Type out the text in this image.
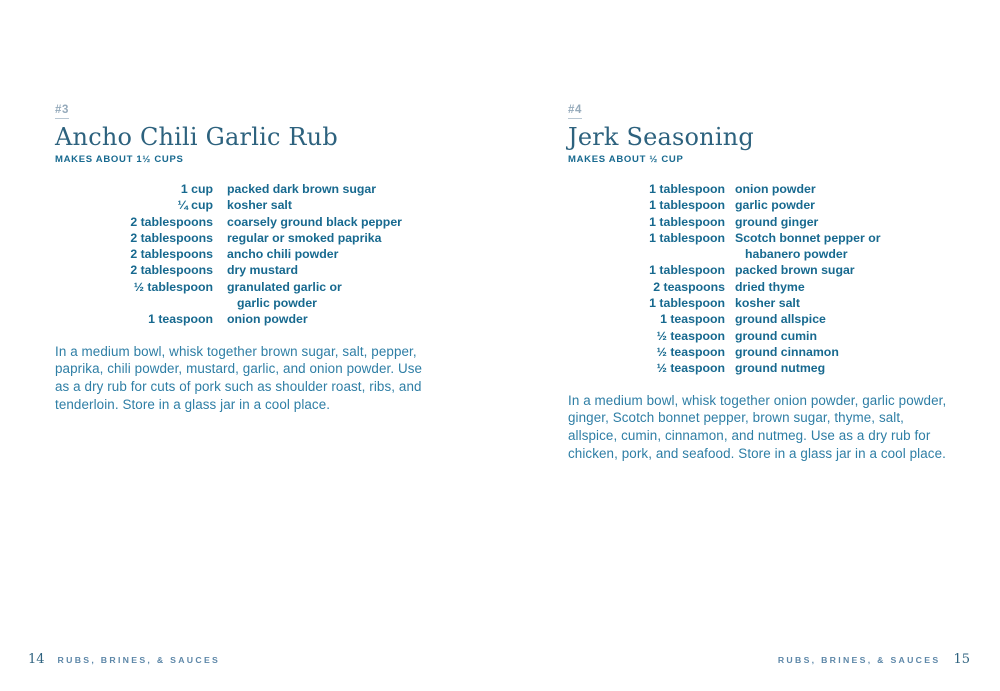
#3
Ancho Chili Garlic Rub
MAKES ABOUT 1½ CUPS
1 cup packed dark brown sugar
¼ cup kosher salt
2 tablespoons coarsely ground black pepper
2 tablespoons regular or smoked paprika
2 tablespoons ancho chili powder
2 tablespoons dry mustard
½ tablespoon granulated garlic or
garlic powder
1 teaspoon onion powder
In a medium bowl, whisk together brown sugar, salt, pepper,
paprika, chili powder, mustard, garlic, and onion powder. Use
as a dry rub for cuts of pork such as shoulder roast, ribs, and
tenderloin. Store in a glass jar in a cool place.
#4
Jerk Seasoning
MAKES ABOUT ½ CUP
1 tablespoon onion powder
1 tablespoon garlic powder
1 tablespoon ground ginger
1 tablespoon Scotch bonnet pepper or
habanero powder
1 tablespoon packed brown sugar
2 teaspoons dried thyme
1 tablespoon kosher salt
1 teaspoon ground allspice
½ teaspoon ground cumin
½ teaspoon ground cinnamon
½ teaspoon ground nutmeg
In a medium bowl, whisk together onion powder, garlic powder,
ginger, Scotch bonnet pepper, brown sugar, thyme, salt,
allspice, cumin, cinnamon, and nutmeg. Use as a dry rub for
chicken, pork, and seafood. Store in a glass jar in a cool place.
14 RUBS, BRINES, & SAUCES	RUBS, BRINES, & SAUCES 15
